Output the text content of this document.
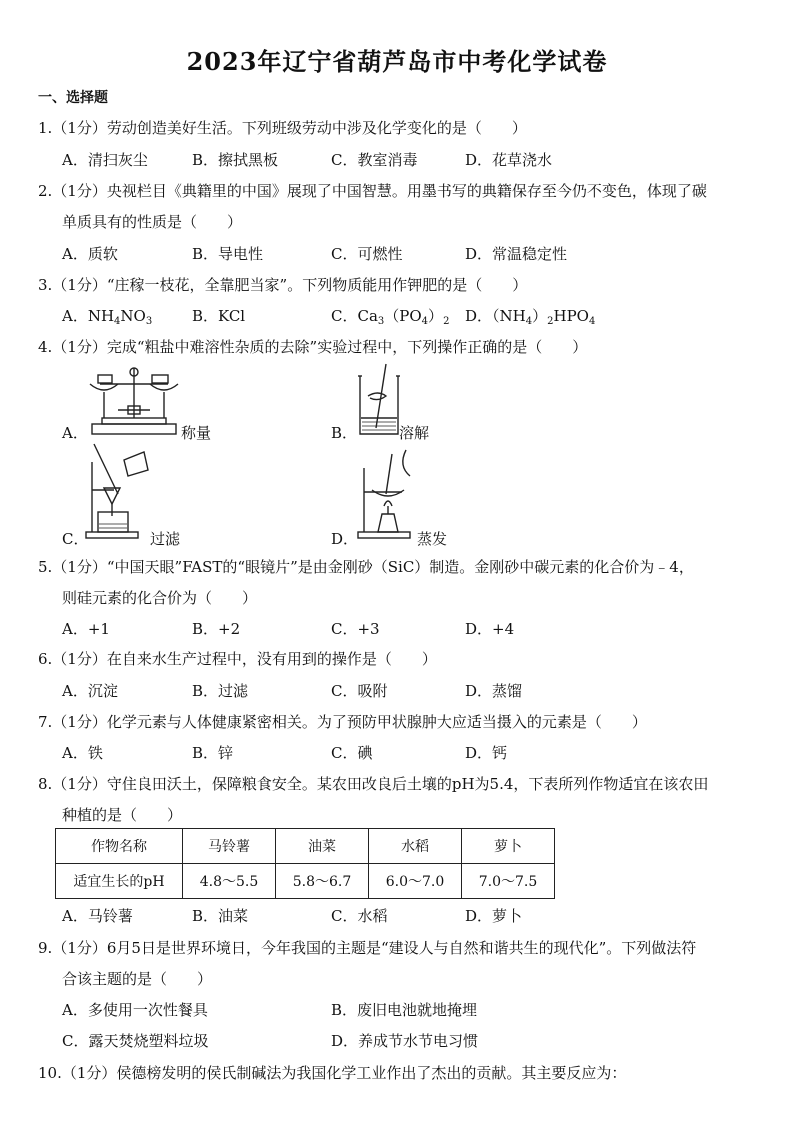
2023年辽宁省葫芦岛市中考化学试卷
一、选择题
1.（1分）劳动创造美好生活。下列班级劳动中涉及化学变化的是（　　）
A．清扫灰尘	B．擦拭黑板	C．教室消毒	D．花草浇水
2.（1分）央视栏目《典籍里的中国》展现了中国智慧。用墨书写的典籍保存至今仍不变色，体现了碳
单质具有的性质是（　　）
A．质软	B．导电性	C．可燃性	D．常温稳定性
3.（1分）“庄稼一枝花，全靠肥当家”。下列物质能用作钾肥的是（　　）
A．$NH_4NO_3$	B．KCl	C．$Ca_3(PO_4)_2$ D．$(NH_4)_2HPO_4$
4.（1分）完成“粗盐中难溶性杂质的去除”实验过程中，下列操作正确的是（　　）
A．	称量	B．	溶解
C．	过滤	D．	蒸发
5.（1分）“中国天眼”FAST的“眼镜片”是由金刚砂（SiC）制造。金刚砂中碳元素的化合价为﹣4，
则硅元素的化合价为（　　）
A．+1	B．+2	C．+3	D．+4
6.（1分）在自来水生产过程中，没有用到的操作是（　　）
A．沉淀	B．过滤	C．吸附	D．蒸馏
7.（1分）化学元素与人体健康紧密相关。为了预防甲状腺肿大应适当摄入的元素是（　　）
A．铁	B．锌	C．碘	D．钙
8.（1分）守住良田沃土，保障粮食安全。某农田改良后土壤的pH为5.4，下表所列作物适宜在该农田
种植的是（　　）
作物名称	马铃薯	油菜	水稻	萝卜
适宜生长的pH	4.8～5.5	5.8～6.7	6.0～7.0	7.0～7.5
A．马铃薯	B．油菜	C．水稻	D．萝卜
9.（1分）6月5日是世界环境日，今年我国的主题是“建设人与自然和谐共生的现代化”。下列做法符
合该主题的是（　　）
A．多使用一次性餐具	B．废旧电池就地掩埋
C．露天焚烧塑料垃圾	D．养成节水节电习惯
10.（1分）侯德榜发明的侯氏制碱法为我国化学工业作出了杰出的贡献。其主要反应为：
